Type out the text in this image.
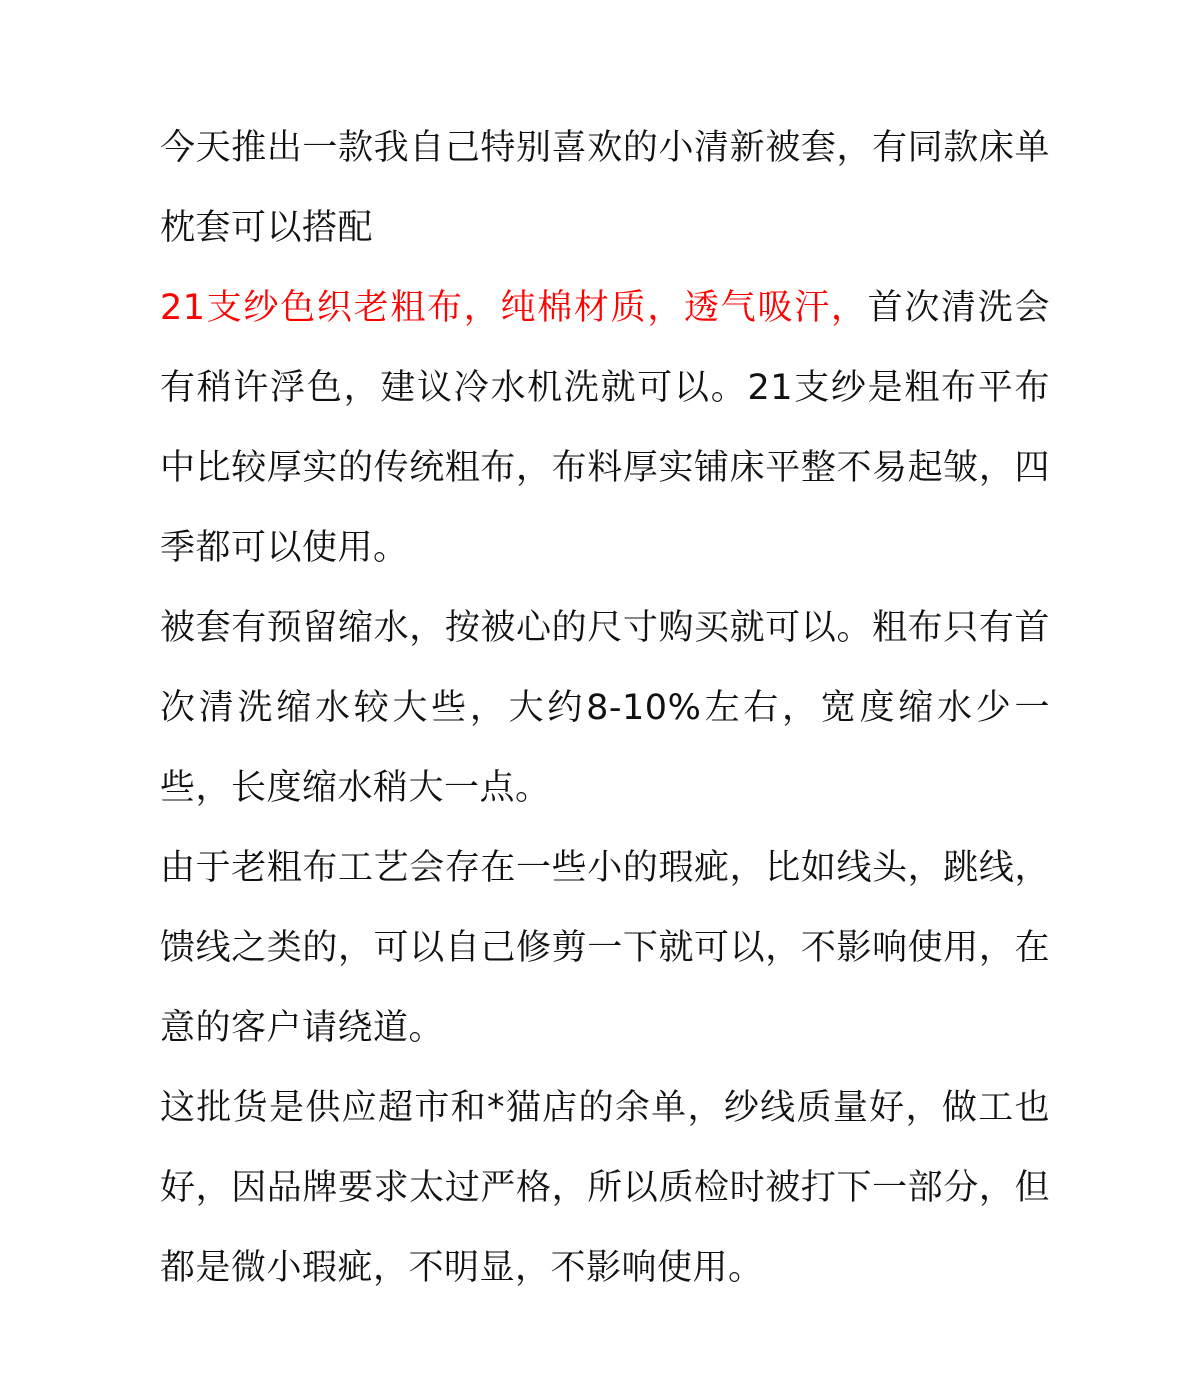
今天推出一款我自己特别喜欢的小清新被套，有同款床单枕套可以搭配

21支纱色织老粗布，纯棉材质，透气吸汗，首次清洗会有稍许浮色，建议冷水机洗就可以。21支纱是粗布平布中比较厚实的传统粗布，布料厚实铺床平整不易起皱，四季都可以使用。

被套有预留缩水，按被心的尺寸购买就可以。粗布只有首次清洗缩水较大些，大约8-10%左右，宽度缩水少一些，长度缩水稍大一点。

由于老粗布工艺会存在一些小的瑕疵，比如线头，跳线，馈线之类的，可以自己修剪一下就可以，不影响使用，在意的客户请绕道。

这批货是供应超市和*猫店的余单，纱线质量好，做工也好，因品牌要求太过严格，所以质检时被打下一部分，但都是微小瑕疵，不明显，不影响使用。
